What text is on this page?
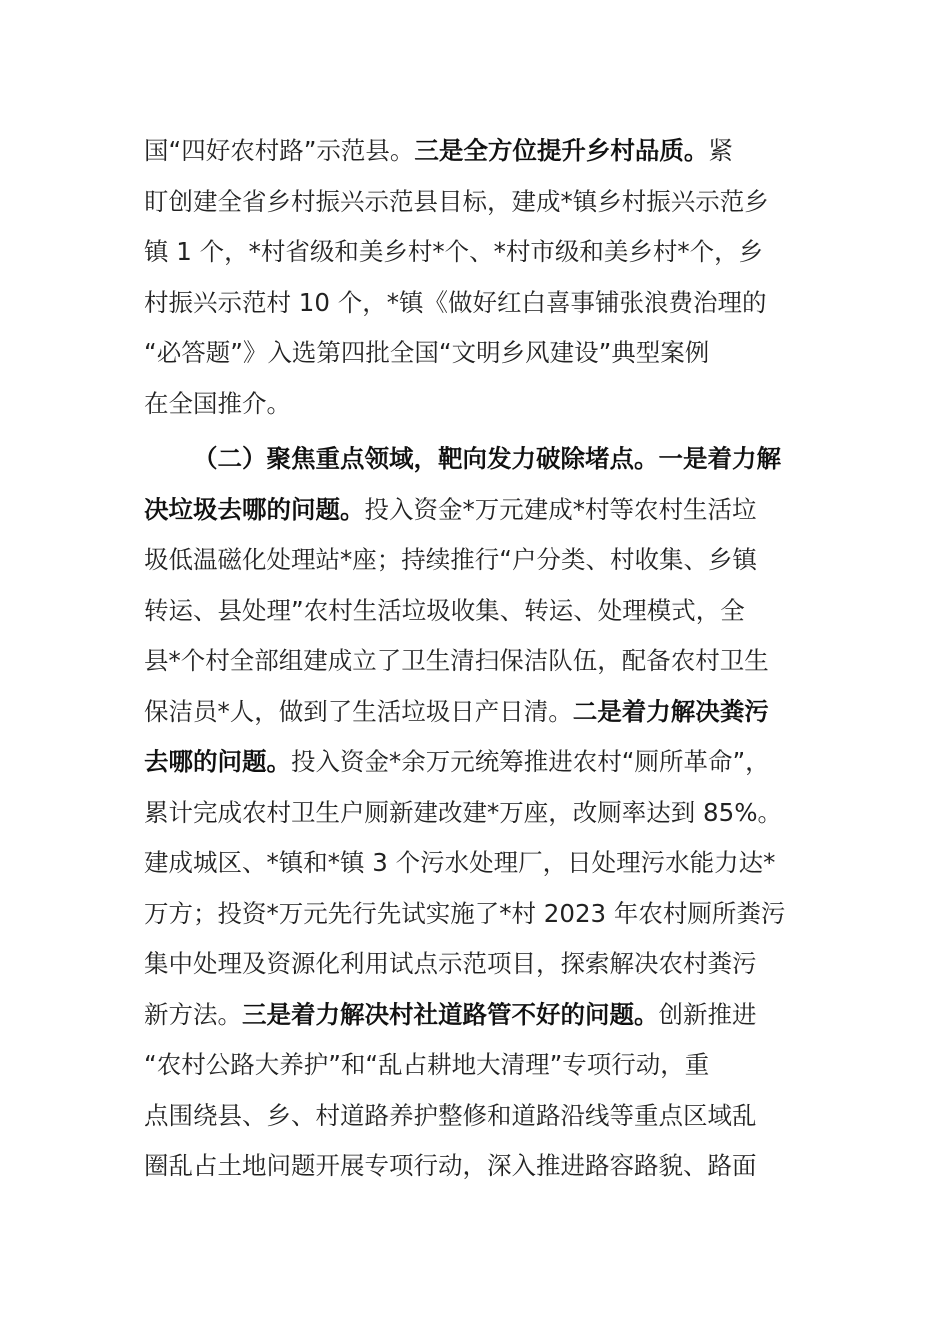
国“四好农村路”示范县。三是全方位提升乡村品质。紧
盯创建全省乡村振兴示范县目标，建成*镇乡村振兴示范乡
镇 1 个，*村省级和美乡村*个、*村市级和美乡村*个，乡
村振兴示范村 10 个，*镇《做好红白喜事铺张浪费治理的
“必答题”》入选第四批全国“文明乡风建设”典型案例
在全国推介。
（二）聚焦重点领域，靶向发力破除堵点。一是着力解
决垃圾去哪的问题。投入资金*万元建成*村等农村生活垃
圾低温磁化处理站*座；持续推行“户分类、村收集、乡镇
转运、县处理”农村生活垃圾收集、转运、处理模式，全
县*个村全部组建成立了卫生清扫保洁队伍，配备农村卫生
保洁员*人，做到了生活垃圾日产日清。二是着力解决粪污
去哪的问题。投入资金*余万元统筹推进农村“厕所革命”，
累计完成农村卫生户厕新建改建*万座，改厕率达到 85%。
建成城区、*镇和*镇 3 个污水处理厂，日处理污水能力达*
万方；投资*万元先行先试实施了*村 2023 年农村厕所粪污
集中处理及资源化利用试点示范项目，探索解决农村粪污
新方法。三是着力解决村社道路管不好的问题。创新推进
“农村公路大养护”和“乱占耕地大清理”专项行动，重
点围绕县、乡、村道路养护整修和道路沿线等重点区域乱
圈乱占土地问题开展专项行动，深入推进路容路貌、路面
